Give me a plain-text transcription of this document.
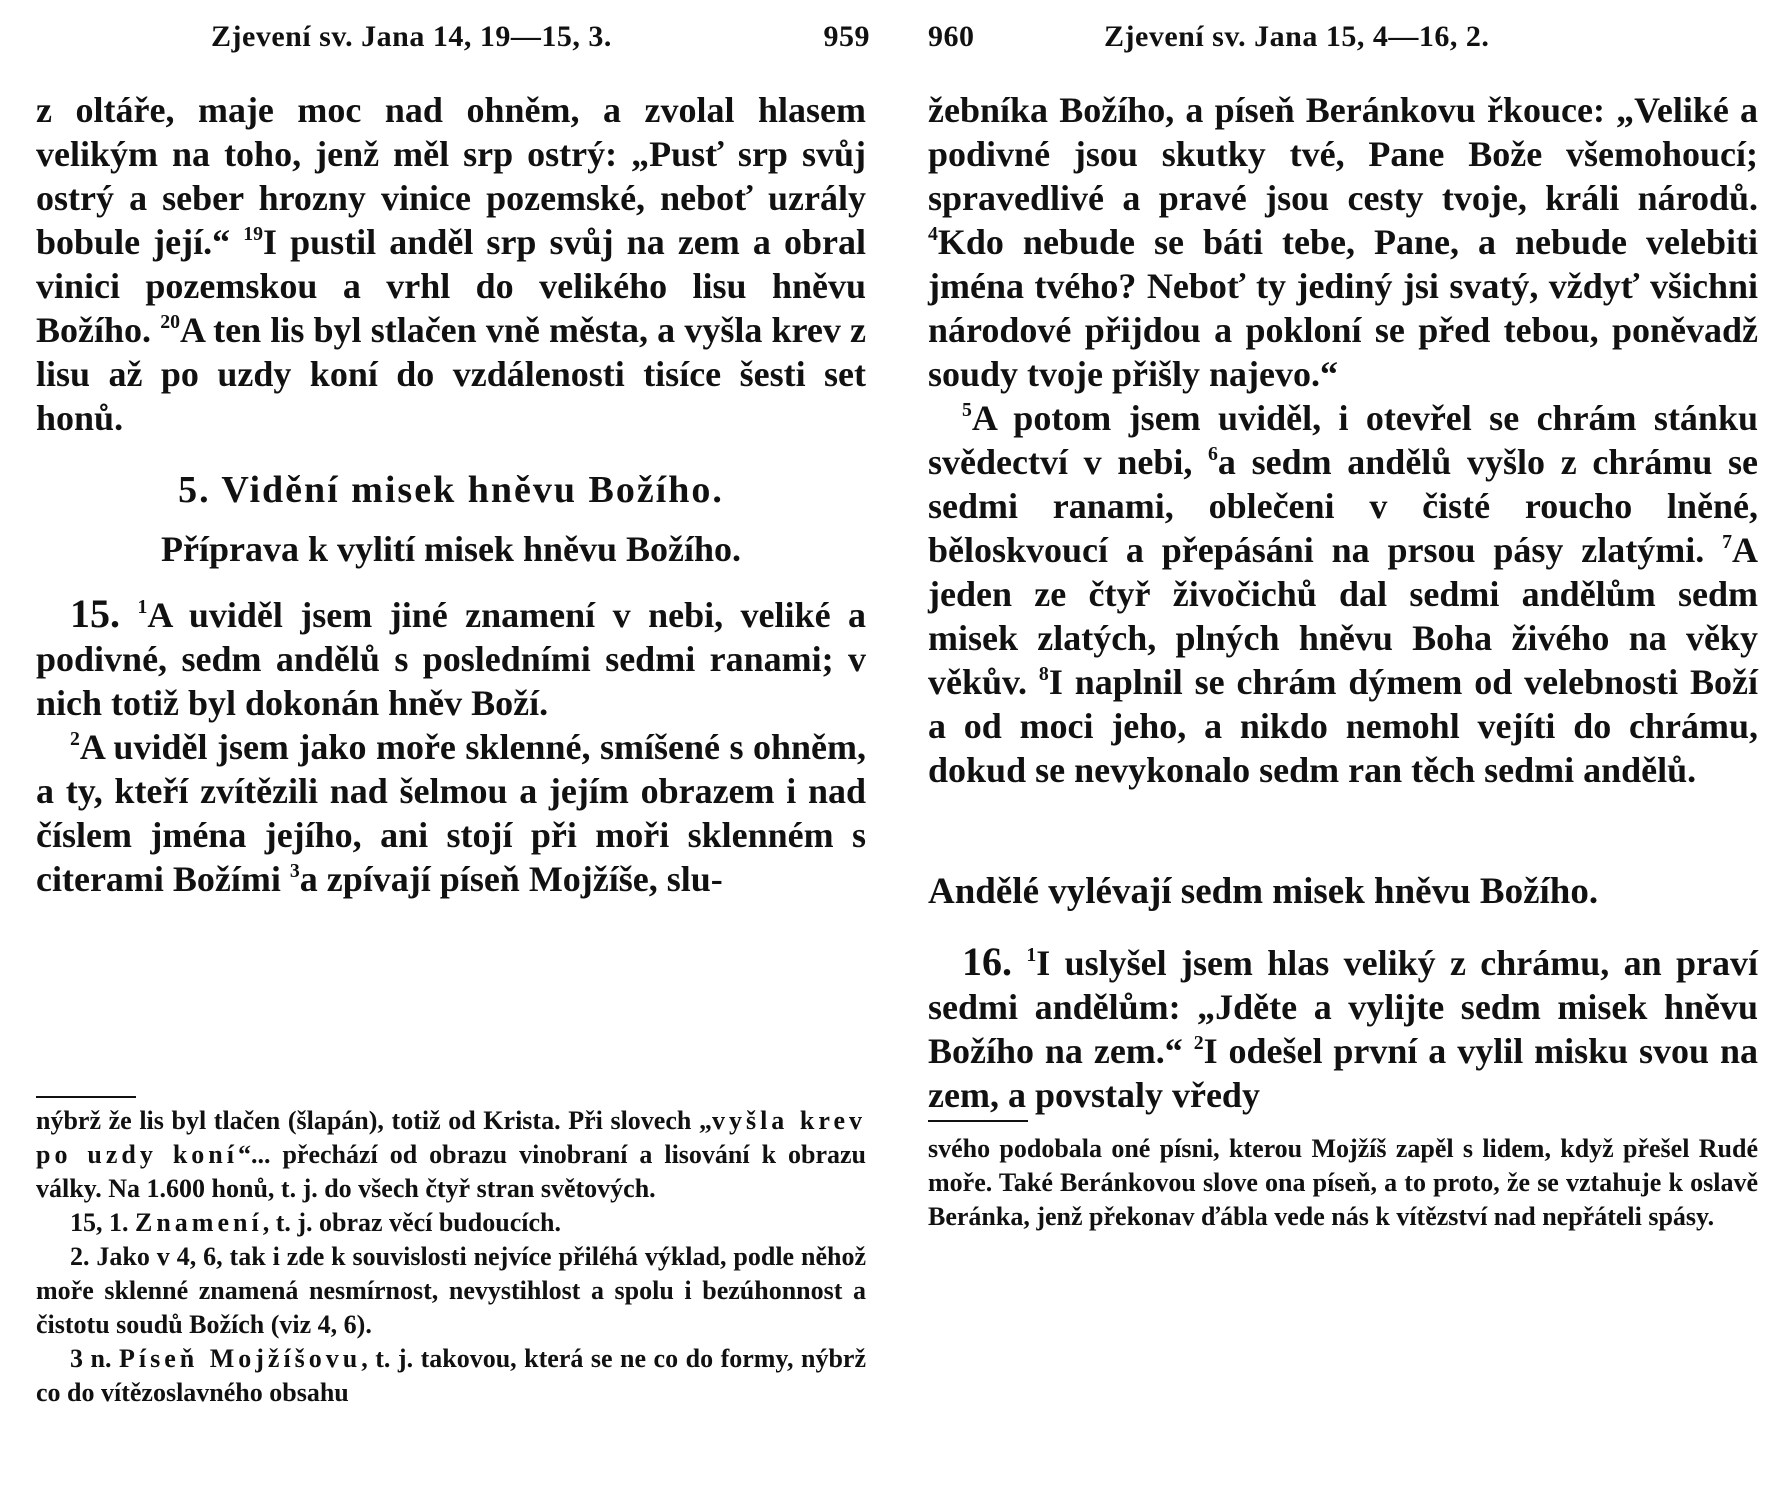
Zjevení sv. Jana 14, 19—15, 3.	959

z oltáře, maje moc nad ohněm, a zvolal hlasem velikým na toho, jenž měl srp ostrý: „Pusť srp svůj ostrý a seber hrozny vinice pozemské, neboť uzrály bobule její.“ $^{19}$I pustil anděl srp svůj na zem a obral vinici pozemskou a vrhl do velikého lisu hněvu Božího. $^{20}$A ten lis byl stlačen vně města, a vyšla krev z lisu až po uzdy koní do vzdálenosti tisíce šesti set honů.

5. Vidění misek hněvu Božího.
Příprava k vylití misek hněvu Božího.

15. $^1$A uviděl jsem jiné znamení v nebi, veliké a podivné, sedm andělů s posledními sedmi ranami; v nich totiž byl dokonán hněv Boží.

$^2$A uviděl jsem jako moře sklenné, smíšené s ohněm, a ty, kteří zvítězili nad šelmou a jejím obrazem i nad číslem jména jejího, ani stojí při moři sklenném s citerami Božími $^3$a zpívají píseň Mojžíše, slu-

nýbrž že lis byl tlačen (šlapán), totiž od Krista. Při slovech „vyšla krev po uzdy koní“... přechází od obrazu vinobraní a lisování k obrazu války. Na 1.600 honů, t. j. do všech čtyř stran světových.

15, 1. Znamení, t. j. obraz věcí budoucích.

2. Jako v 4, 6, tak i zde k souvislosti nejvíce přiléhá výklad, podle něhož moře sklenné znamená nesmírnost, nevystihlost a spolu i bezúhonnost a čistotu soudů Božích (viz 4, 6).

3 n. Píseň Mojžíšovu, t. j. takovou, která se ne co do formy, nýbrž co do vítězoslavného obsahu

960	Zjevení sv. Jana 15, 4—16, 2.

žebníka Božího, a píseň Beránkovu řkouce: „Veliké a podivné jsou skutky tvé, Pane Bože všemohoucí; spravedlivé a pravé jsou cesty tvoje, králi národů. $^4$Kdo nebude se báti tebe, Pane, a nebude velebiti jména tvého? Neboť ty jediný jsi svatý, vždyť všichni národové přijdou a pokloní se před tebou, poněvadž soudy tvoje přišly najevo.“

$^5$A potom jsem uviděl, i otevřel se chrám stánku svědectví v nebi, $^6$a sedm andělů vyšlo z chrámu se sedmi ranami, oblečeni v čisté roucho lněné, běloskvoucí a přepásáni na prsou pásy zlatými. $^7$A jeden ze čtyř živočichů dal sedmi andělům sedm misek zlatých, plných hněvu Boha živého na věky věkův. $^8$I naplnil se chrám dýmem od velebnosti Boží a od moci jeho, a nikdo nemohl vejíti do chrámu, dokud se nevykonalo sedm ran těch sedmi andělů.

Andělé vylévají sedm misek hněvu Božího.

16. $^1$I uslyšel jsem hlas veliký z chrámu, an praví sedmi andělům: „Jděte a vylijte sedm misek hněvu Božího na zem.“ $^2$I odešel první a vylil misku svou na zem, a povstaly vředy

svého podobala oné písni, kterou Mojžíš zapěl s lidem, když přešel Rudé moře. Také Beránkovou slove ona píseň, a to proto, že se vztahuje k oslavě Beránka, jenž překonav ďábla vede nás k vítězství nad nepřáteli spásy.
